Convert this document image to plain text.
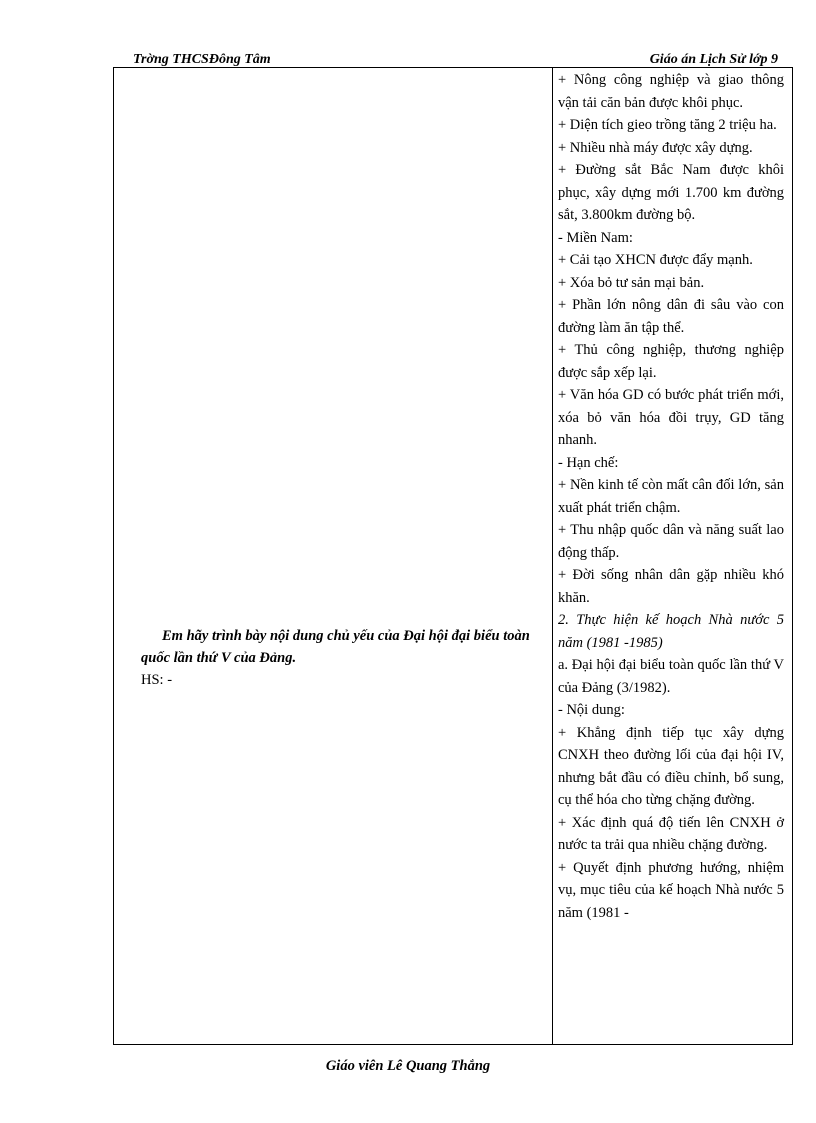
Trờng THCSĐông Tâm	Giáo án Lịch Sử lớp 9

Em hãy trình bày nội dung chủ yếu của Đại hội đại biểu toàn quốc lần thứ V của Đảng.

HS: -

+ Nông công nghiệp và giao thông vận tải căn bản được khôi phục.

+ Diện tích gieo trồng tăng 2 triệu ha.

+ Nhiều nhà máy được xây dựng.

+ Đường sắt Bắc Nam được khôi phục, xây dựng mới 1.700 km đường sắt, 3.800km đường bộ.

- Miền Nam:

+ Cải tạo XHCN được đẩy mạnh.

+ Xóa bỏ tư sản mại bản.

+ Phần lớn nông dân đi sâu vào con đường làm ăn tập thể.

+ Thủ công nghiệp, thương nghiệp được sắp xếp lại.

+ Văn hóa GD có bước phát triển mới, xóa bỏ văn hóa đồi trụy, GD tăng nhanh.

- Hạn chế:

+ Nền kinh tế còn mất cân đối lớn, sản xuất phát triển chậm.

+ Thu nhập quốc dân và năng suất lao động thấp.

+ Đời sống nhân dân gặp nhiều khó khăn.

2. Thực hiện kế hoạch Nhà nước 5 năm (1981 -1985)

a. Đại hội đại biểu toàn quốc lần thứ V của Đảng (3/1982).

- Nội dung:

+ Khẳng định tiếp tục xây dựng CNXH theo đường lối của đại hội IV, nhưng bắt đầu có điều chỉnh, bổ sung, cụ thể hóa cho từng chặng đường.

+ Xác định quá độ tiến lên CNXH ở nước ta trải qua nhiều chặng đường.

+ Quyết định phương hướng, nhiệm vụ, mục tiêu của kế hoạch Nhà nước 5 năm (1981 -

Giáo viên Lê Quang Thắng
